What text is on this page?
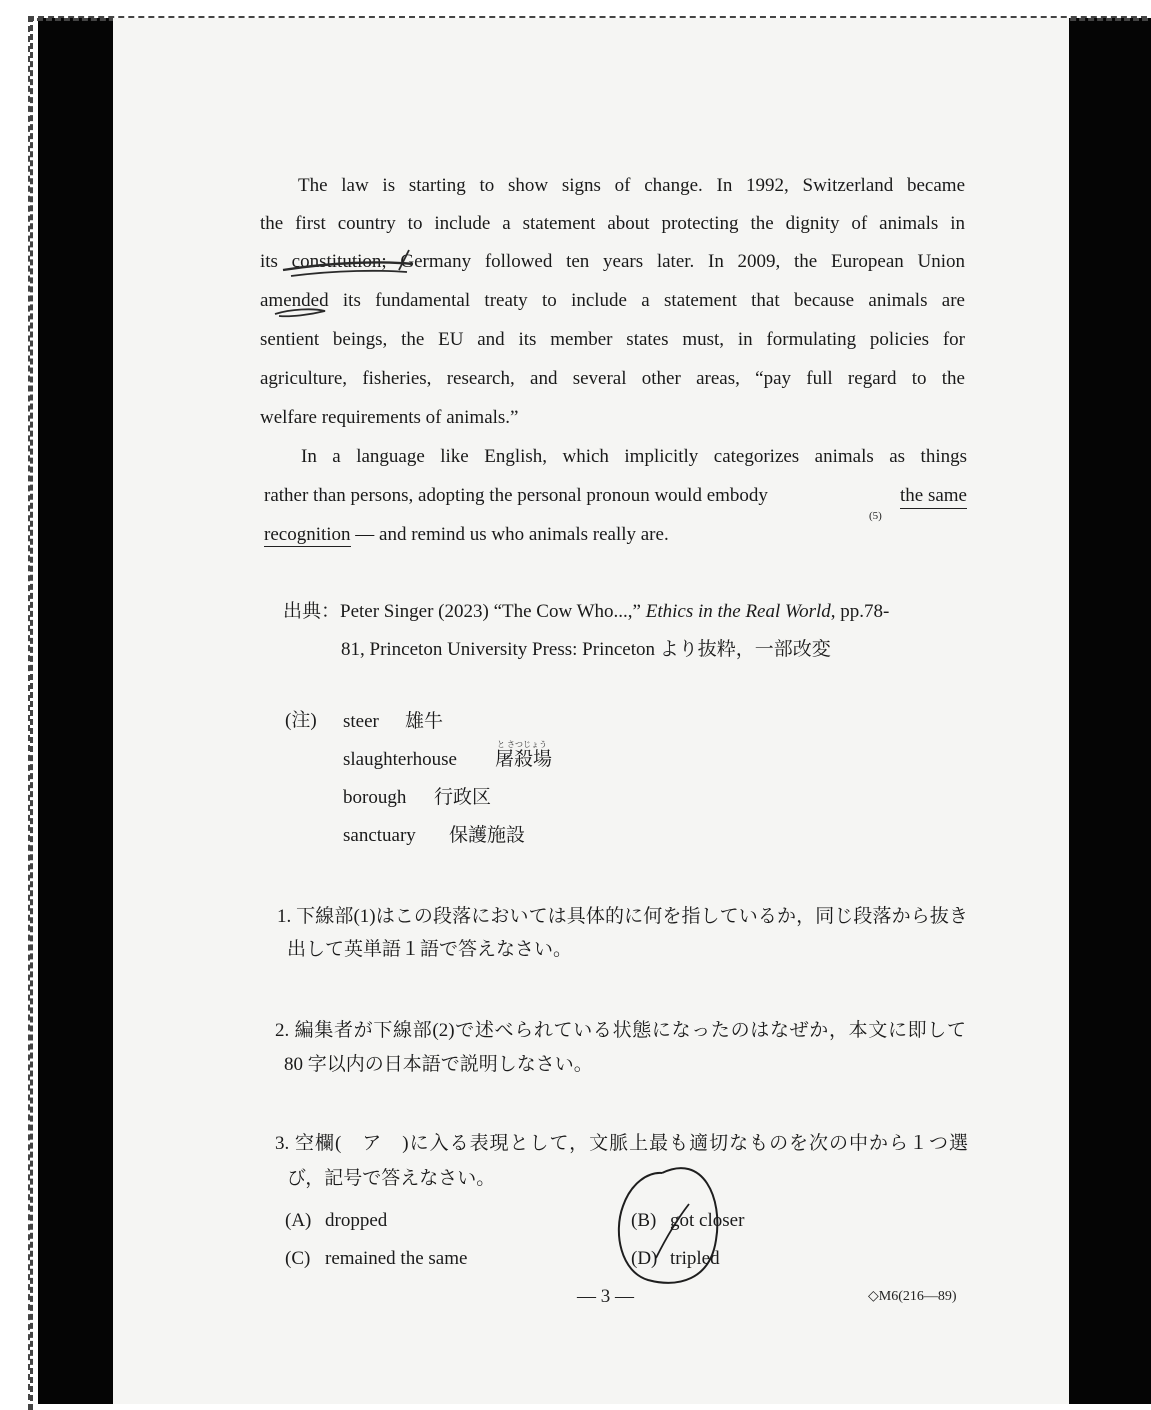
The law is starting to show signs of change. In 1992, Switzerland became
the first country to include a statement about protecting the dignity of animals in
its constitution; Germany followed ten years later. In 2009, the European Union
amended its fundamental treaty to include a statement that because animals are
sentient beings, the EU and its member states must, in formulating policies for
agriculture, fisheries, research, and several other areas, “pay full regard to the
welfare requirements of animals.”
In a language like English, which implicitly categorizes animals as things
rather than persons, adopting the personal pronoun would embody	the same
recognition — and remind us who animals really are.
(5)
出典：Peter Singer (2023) “The Cow Who...,” Ethics in the Real World, pp.78-
81, Princeton University Press: Princeton より抜粋，一部改変
(注) steer 雄牛
slaughterhouse 屠殺場
と さつじょう
borough 行政区
sanctuary 保護施設
1. 下線部(1)はこの段落においては具体的に何を指しているか，同じ段落から抜き
出して英単語１語で答えなさい。
2. 編集者が下線部(2)で述べられている状態になったのはなぜか，本文に即して
80 字以内の日本語で説明しなさい。
3. 空欄(　ア　)に入る表現として，文脈上最も適切なものを次の中から１つ選
び，記号で答えなさい。
(A) dropped	(B) got closer
(C) remained the same	(D) tripled
— 3 —	◇M6(216—89)
